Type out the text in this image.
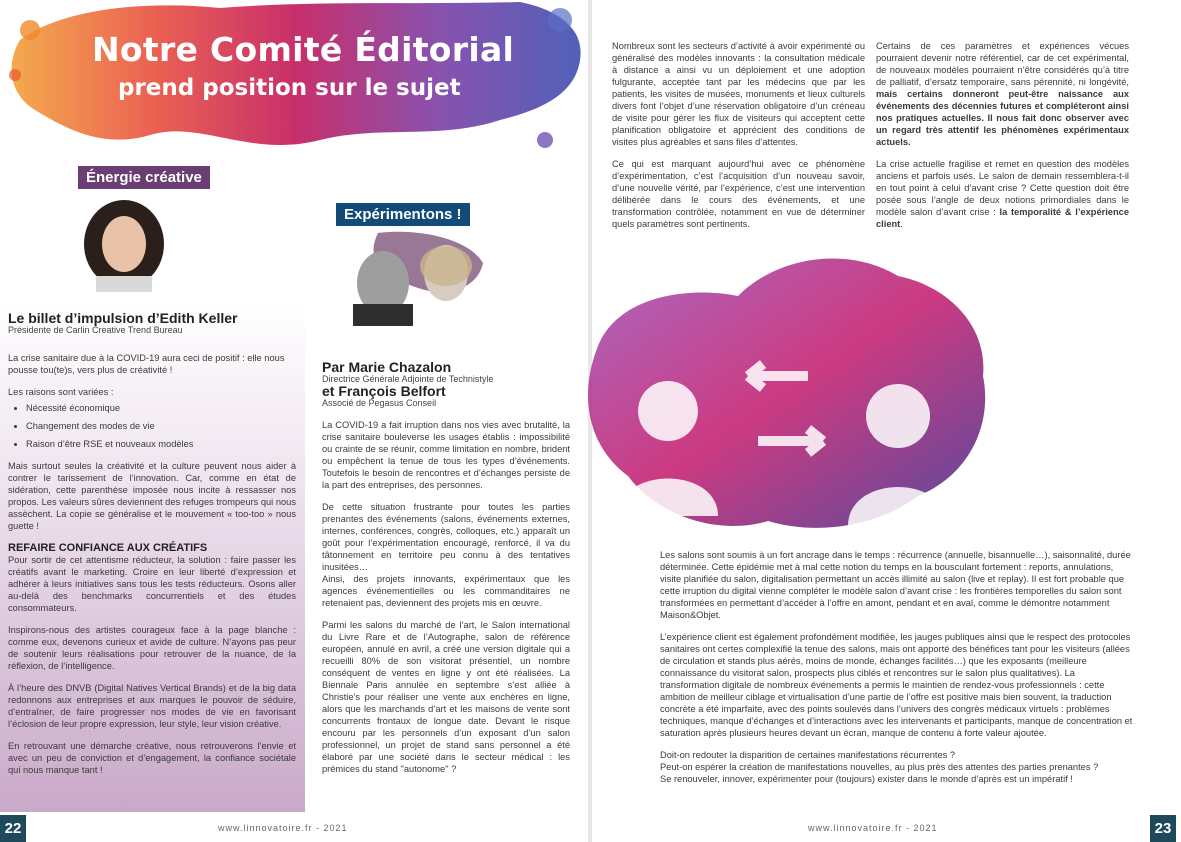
Notre Comité Éditorial
prend position sur le sujet
Énergie créative
Le billet d’impulsion d’Edith Keller
Présidente de Carlin Creative Trend Bureau

La crise sanitaire due à la COVID-19 aura ceci de positif : elle nous pousse tou(te)s, vers plus de créativité !

Les raisons sont variées :
• Nécessité économique
• Changement des modes de vie
• Raison d’être RSE et nouveaux modèles

Mais surtout seules la créativité et la culture peuvent nous aider à contrer le tarissement de l’innovation. Car, comme en état de sidération, cette parenthèse imposée nous incite à ressasser nos propos. Les valeurs sûres deviennent des refuges trompeurs qui nous assèchent. La copie se généralise et le mouvement « too-too » nous guette !

REFAIRE CONFIANCE AUX CRÉATIFS

Pour sortir de cet attentisme réducteur, la solution : faire passer les créatifs avant le marketing. Croire en leur liberté d’expression et adhérer à leurs initiatives sans tous les tests réducteurs. Osons aller au-delà des benchmarks concurrentiels et des études consommateurs.

Inspirons-nous des artistes courageux face à la page blanche : comme eux, devenons curieux et avide de culture. N’ayons pas peur de soutenir leurs réalisations pour retrouver de la nuance, de la réflexion, de l’intelligence.

À l’heure des DNVB (Digital Natives Vertical Brands) et de la big data redonnons aux entreprises et aux marques le pouvoir de séduire, d’entraîner, de faire progresser nos modes de vie en favorisant l’éclosion de leur propre expression, leur style, leur vision créative.

En retrouvant une démarche créative, nous retrouverons l’envie et avec un peu de conviction et d’engagement, la confiance sociétale qui nous manque tant !

Expérimentons !
Par Marie Chazalon
Directrice Générale Adjointe de Technistyle
et François Belfort
Associé de Pegasus Conseil

La COVID-19 a fait irruption dans nos vies avec brutalité, la crise sanitaire bouleverse les usages établis : impossibilité ou crainte de se réunir, comme limitation en nombre, brident ou empêchent la tenue de tous les types d’événements. Toutefois le besoin de rencontres et d’échanges persiste de la part des entreprises, des personnes.

De cette situation frustrante pour toutes les parties prenantes des événements (salons, événements externes, internes, conférences, congrès, colloques, etc.) apparaît un goût pour l’expérimentation encouragé, renforcé, il va du tâtonnement en territoire peu connu à des tentatives inusitées…

Ainsi, des projets innovants, expérimentaux que les agences événementielles ou les commanditaires ne retenaient pas, deviennent des projets mis en œuvre.

Parmi les salons du marché de l’art, le Salon international du Livre Rare et de l’Autographe, salon de référence européen, annulé en avril, a créé une version digitale qui a recueilli 80% de son visitorat présentiel, un nombre conséquent de ventes en ligne y ont été réalisées. La Biennale Paris annulée en septembre s’est alliée à Christie’s pour réaliser une vente aux enchères en ligne, alors que les marchands d’art et les maisons de vente sont concurrents frontaux de longue date. Devant le risque encouru par les personnels d’un exposant d’un salon professionnel, un projet de stand sans personnel a été élaboré par une société dans le secteur médical : les prémices du stand "autonome" ?

22	www.linnovatoire.fr - 2021

Nombreux sont les secteurs d’activité à avoir expérimenté ou généralisé des modèles innovants : la consultation médicale à distance a ainsi vu un déploiement et une adoption fulgurante, acceptée tant par les médecins que par les patients, les visites de musées, monuments et lieux culturels divers font l’objet d’une réservation obligatoire d’un créneau de visite pour gérer les flux de visiteurs qui acceptent cette planification obligatoire et apprécient des conditions de visites plus agréables et sans files d’attentes.

Ce qui est marquant aujourd’hui avec ce phénomène d’expérimentation, c’est l’acquisition d’un nouveau savoir, d’une nouvelle vérité, par l’expérience, c’est une intervention délibérée dans le cours des événements, et une transformation contrôlée, notamment en vue de déterminer quels paramètres sont pertinents.

Certains de ces paramètres et expériences vécues pourraient devenir notre référentiel, car de cet expérimental, de nouveaux modèles pourraient n’être considérés qu’à titre de palliatif, d’ersatz temporaire, sans pérennité, ni longévité, mais certains donneront peut-être naissance aux événements des décennies futures et compléteront ainsi nos pratiques actuelles. Il nous fait donc observer avec un regard très attentif les phénomènes expérimentaux actuels.

La crise actuelle fragilise et remet en question des modèles anciens et parfois usés. Le salon de demain ressemblera-t-il en tout point à celui d’avant crise ? Cette question doit être posée sous l’angle de deux notions primordiales dans le modèle salon d’avant crise : la temporalité & l’expérience client.

Les salons sont soumis à un fort ancrage dans le temps : récurrence (annuelle, bisannuelle…), saisonnalité, durée déterminée. Cette épidémie met à mal cette notion du temps en la bousculant fortement : reports, annulations, visite planifiée du salon, digitalisation permettant un accès illimité au salon (live et replay). Il est fort probable que cette irruption du digital vienne compléter le modèle salon d’avant crise : les frontières temporelles du salon sont transformées en permettant d’accéder à l’offre en amont, pendant et en aval, comme le démontre notamment Maison&Objet.

L’expérience client est également profondément modifiée, les jauges publiques ainsi que le respect des protocoles sanitaires ont certes complexifié la tenue des salons, mais ont apporté des bénéfices tant pour les visiteurs (allées de circulation et stands plus aérés, moins de monde, échanges facilités…) que les exposants (meilleure connaissance du visitorat salon, prospects plus ciblés et rencontres sur le salon plus qualitatives). La transformation digitale de nombreux événements a permis le maintien de rendez-vous professionnels : cette ambition de meilleur ciblage et virtualisation d’une partie de l’offre est positive mais bien souvent, la traduction concrète a été imparfaite, avec des points soulevés dans l’univers des congrès médicaux virtuels : problèmes techniques, manque d’échanges et d’interactions avec les intervenants et participants, manque de concentration et saturation après plusieurs heures devant un écran, manque de contenu à forte valeur ajoutée.

Doit-on redouter la disparition de certaines manifestations récurrentes ?
Peut-on espérer la création de manifestations nouvelles, au plus près des attentes des parties prenantes ?
Se renouveler, innover, expérimenter pour (toujours) exister dans le monde d’après est un impératif !
www.linnovatoire.fr - 2021	23
